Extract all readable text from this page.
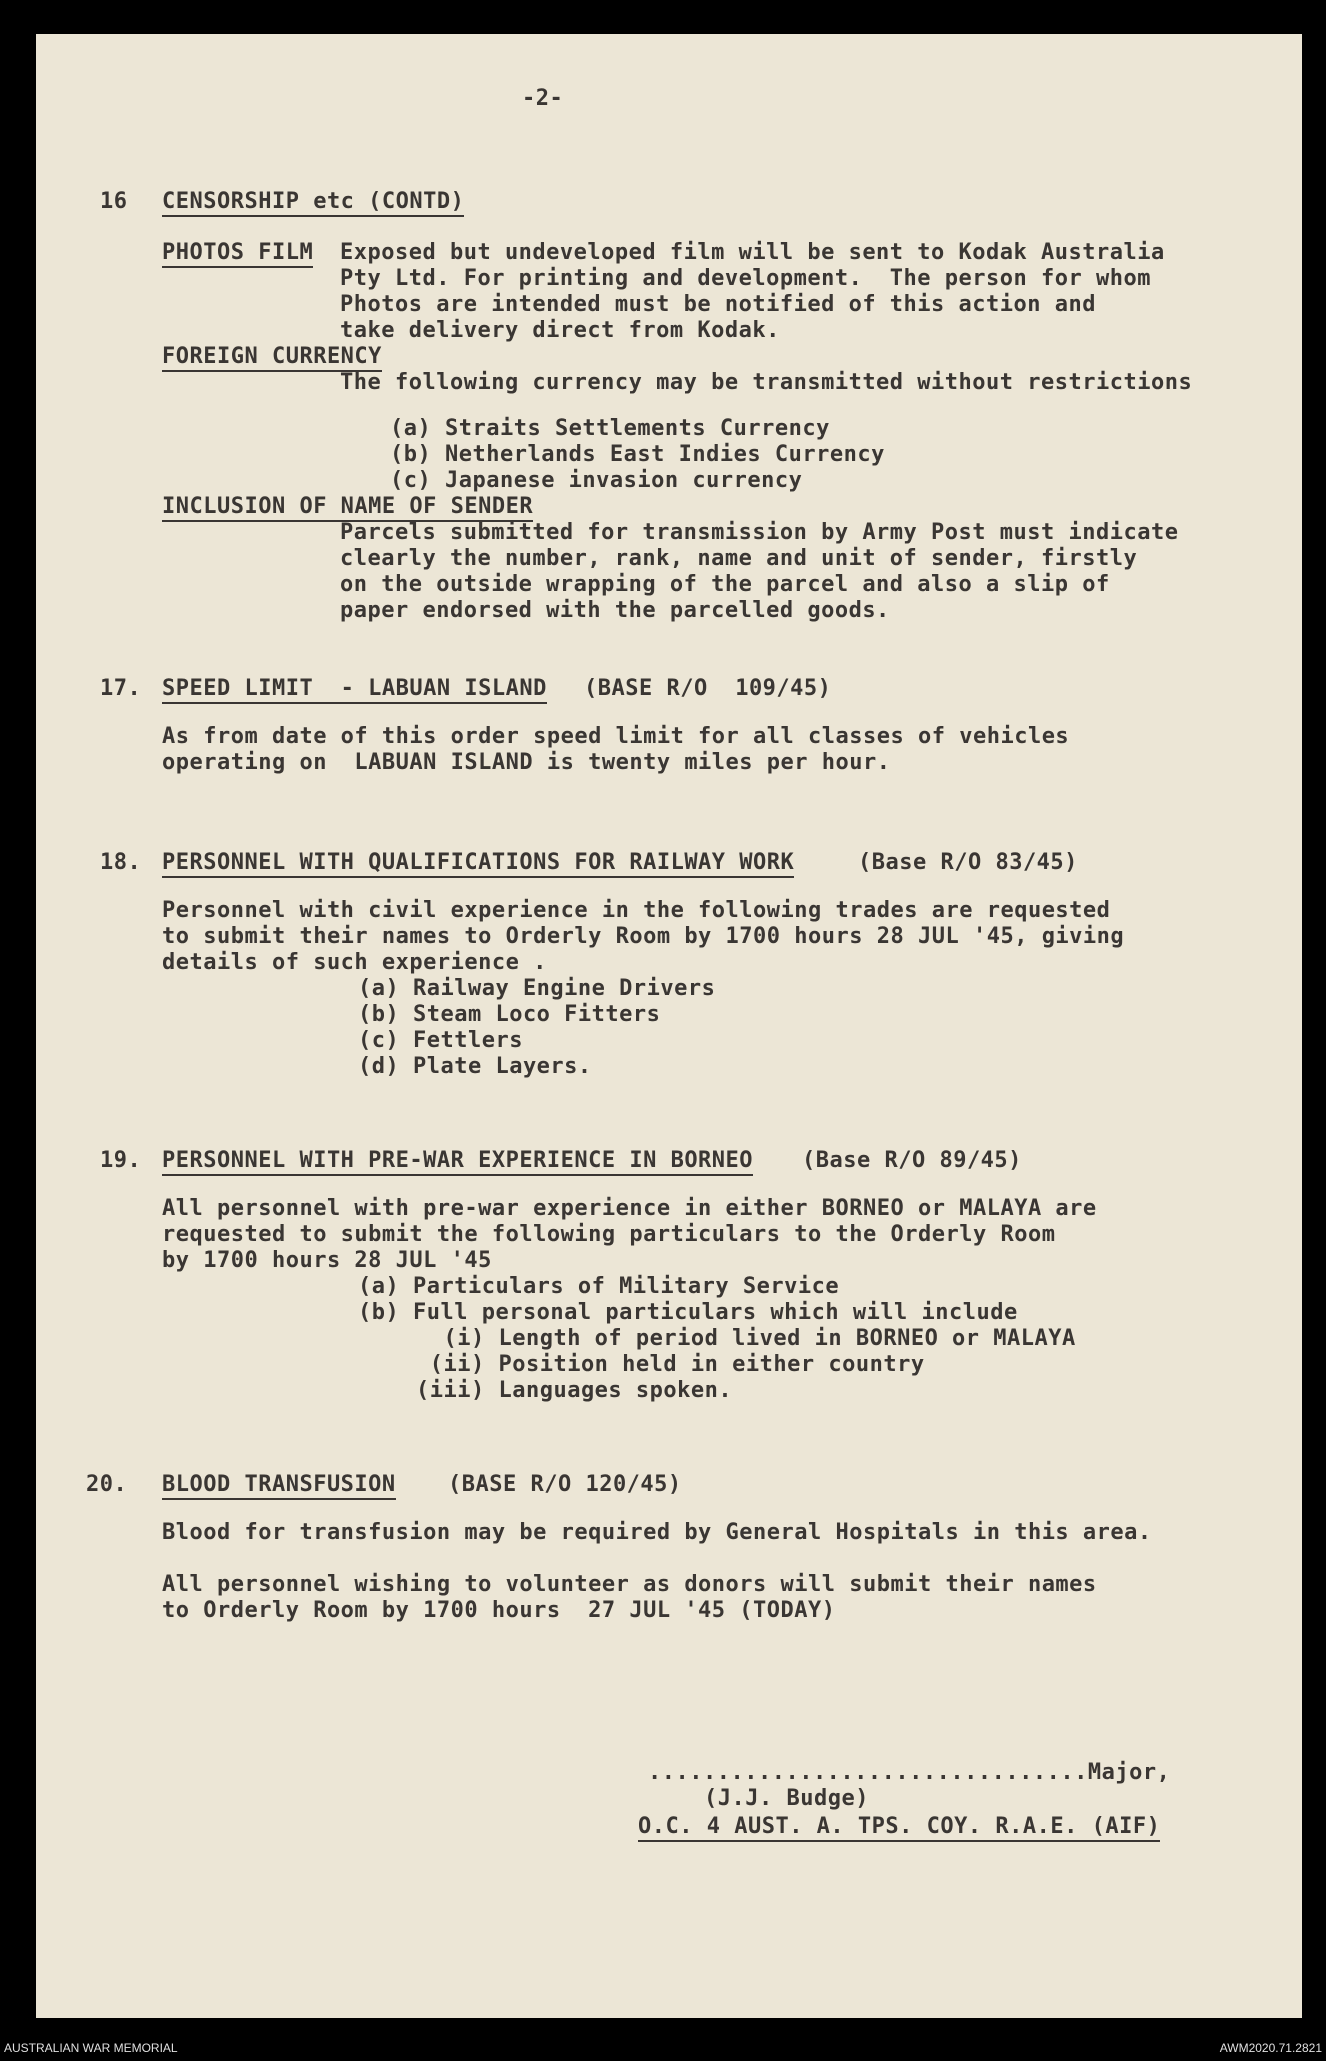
-2-
16 CENSORSHIP etc (CONTD)
PHOTOS FILM Exposed but undeveloped film will be sent to Kodak Australia
Pty Ltd. For printing and development.  The person for whom
Photos are intended must be notified of this action and
take delivery direct from Kodak.
FOREIGN CURRENCY
The following currency may be transmitted without restrictions
(a) Straits Settlements Currency
(b) Netherlands East Indies Currency
(c) Japanese invasion currency
INCLUSION OF NAME OF SENDER
Parcels submitted for transmission by Army Post must indicate
clearly the number, rank, name and unit of sender, firstly
on the outside wrapping of the parcel and also a slip of
paper endorsed with the parcelled goods.
17. SPEED LIMIT  - LABUAN ISLAND (BASE R/O  109/45)
As from date of this order speed limit for all classes of vehicles
operating on  LABUAN ISLAND is twenty miles per hour.
18. PERSONNEL WITH QUALIFICATIONS FOR RAILWAY WORK	(Base R/O 83/45)
Personnel with civil experience in the following trades are requested
to submit their names to Orderly Room by 1700 hours 28 JUL '45, giving
details of such experience .
(a) Railway Engine Drivers
(b) Steam Loco Fitters
(c) Fettlers
(d) Plate Layers.
19. PERSONNEL WITH PRE-WAR EXPERIENCE IN BORNEO (Base R/O 89/45)
All personnel with pre-war experience in either BORNEO or MALAYA are
requested to submit the following particulars to the Orderly Room
by 1700 hours 28 JUL '45
(a) Particulars of Military Service
(b) Full personal particulars which will include
(i) Length of period lived in BORNEO or MALAYA
(ii) Position held in either country
(iii) Languages spoken.
20. BLOOD TRANSFUSION (BASE R/O 120/45)
Blood for transfusion may be required by General Hospitals in this area.
All personnel wishing to volunteer as donors will submit their names
to Orderly Room by 1700 hours  27 JUL '45 (TODAY)
................................Major,
(J.J. Budge)
O.C. 4 AUST. A. TPS. COY. R.A.E. (AIF)
AUSTRALIAN WAR MEMORIAL	AWM2020.71.2821
